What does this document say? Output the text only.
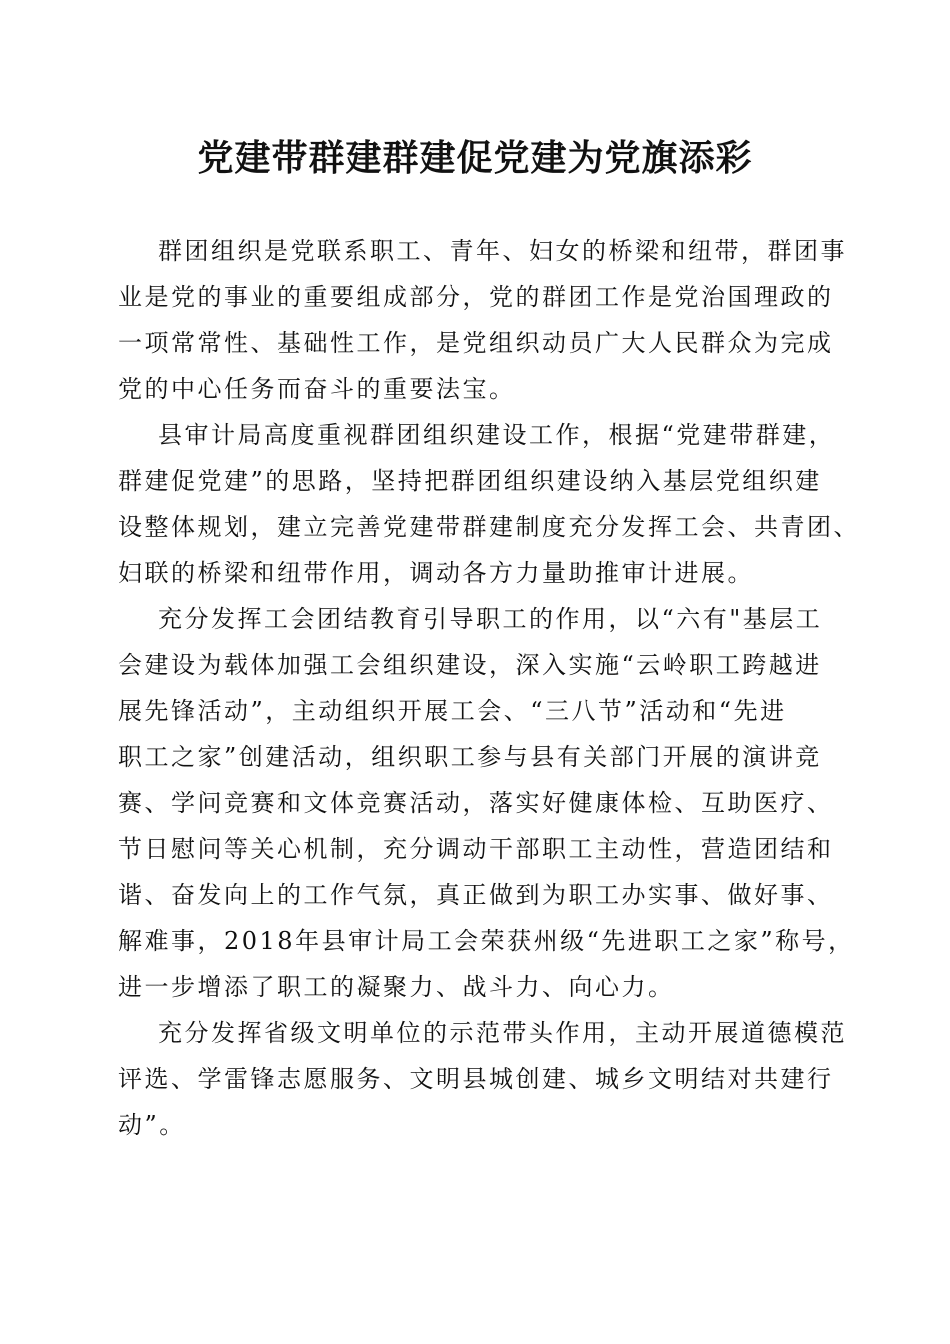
党建带群建群建促党建为党旗添彩
群团组织是党联系职工、青年、妇女的桥梁和纽带，群团事
业是党的事业的重要组成部分，党的群团工作是党治国理政的
一项常常性、基础性工作，是党组织动员广大人民群众为完成
党的中心任务而奋斗的重要法宝。
县审计局高度重视群团组织建设工作，根据“党建带群建，
群建促党建”的思路，坚持把群团组织建设纳入基层党组织建
设整体规划，建立完善党建带群建制度充分发挥工会、共青团、
妇联的桥梁和纽带作用，调动各方力量助推审计进展。
充分发挥工会团结教育引导职工的作用，以“六有"基层工
会建设为载体加强工会组织建设，深入实施“云岭职工跨越进
展先锋活动”，主动组织开展工会、“三八节”活动和“先进
职工之家”创建活动，组织职工参与县有关部门开展的演讲竞
赛、学问竞赛和文体竞赛活动，落实好健康体检、互助医疗、
节日慰问等关心机制，充分调动干部职工主动性，营造团结和
谐、奋发向上的工作气氛，真正做到为职工办实事、做好事、
解难事，2018年县审计局工会荣获州级“先进职工之家”称号，
进一步增添了职工的凝聚力、战斗力、向心力。
充分发挥省级文明单位的示范带头作用，主动开展道德模范
评选、学雷锋志愿服务、文明县城创建、城乡文明结对共建行
动”。
